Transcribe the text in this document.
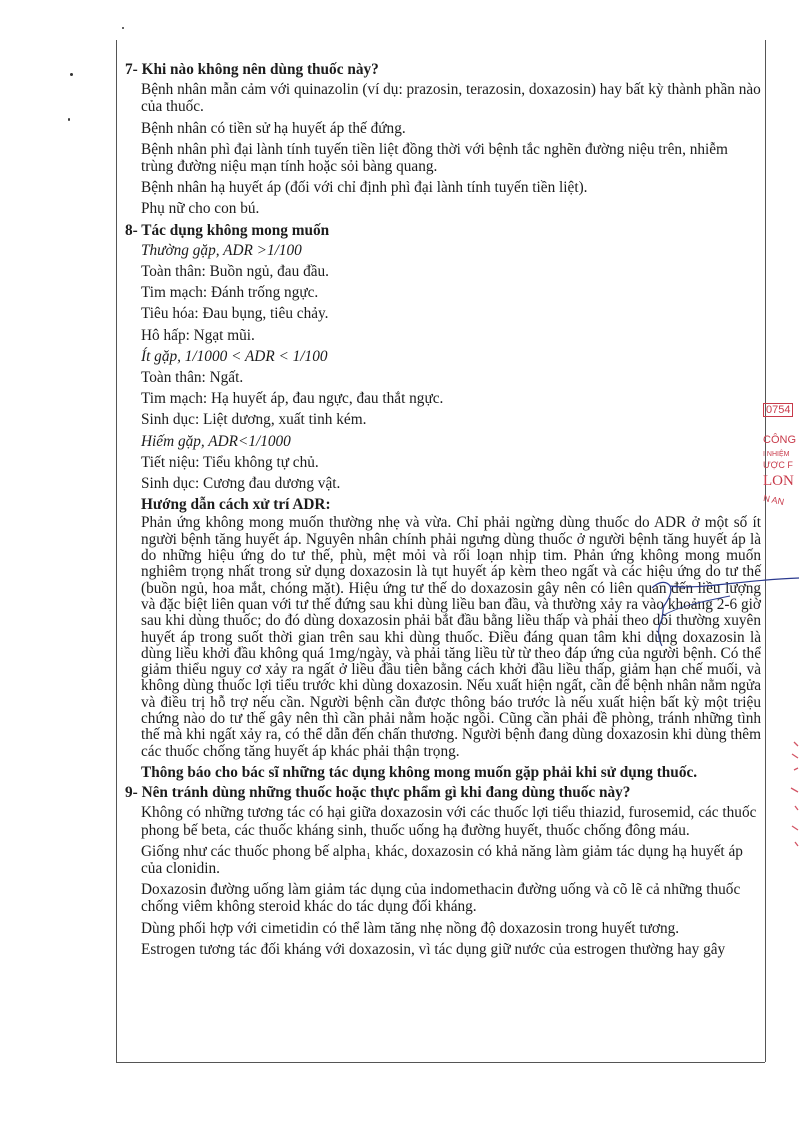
7- Khi nào không nên dùng thuốc này?
Bệnh nhân mẫn cảm với quinazolin (ví dụ: prazosin, terazosin, doxazosin) hay bất kỳ thành phần nào của thuốc.
Bệnh nhân có tiền sử hạ huyết áp thế đứng.
Bệnh nhân phì đại lành tính tuyến tiền liệt đồng thời với bệnh tắc nghẽn đường niệu trên, nhiễm trùng đường niệu mạn tính hoặc sỏi bàng quang.
Bệnh nhân hạ huyết áp (đối với chỉ định phì đại lành tính tuyến tiền liệt).
Phụ nữ cho con bú.
8- Tác dụng không mong muốn
Thường gặp, ADR >1/100
Toàn thân: Buồn ngủ, đau đầu.
Tim mạch: Đánh trống ngực.
Tiêu hóa: Đau bụng, tiêu chảy.
Hô hấp: Ngạt mũi.
Ít gặp, 1/1000 < ADR < 1/100
Toàn thân: Ngất.
Tim mạch: Hạ huyết áp, đau ngực, đau thắt ngực.
Sinh dục: Liệt dương, xuất tinh kém.
Hiếm gặp, ADR<1/1000
Tiết niệu: Tiểu không tự chủ.
Sinh dục: Cương đau dương vật.
Hướng dẫn cách xử trí ADR:
Phản ứng không mong muốn thường nhẹ và vừa. Chỉ phải ngừng dùng thuốc do ADR ở một số ít người bệnh tăng huyết áp. Nguyên nhân chính phải ngưng dùng thuốc ở người bệnh tăng huyết áp là do những hiệu ứng do tư thế, phù, mệt mỏi và rối loạn nhịp tim. Phản ứng không mong muốn nghiêm trọng nhất trong sử dụng doxazosin là tụt huyết áp kèm theo ngất và các hiệu ứng do tư thế (buồn ngủ, hoa mắt, chóng mặt). Hiệu ứng tư thế do doxazosin gây nên có liên quan đến liều lượng và đặc biệt liên quan với tư thế đứng sau khi dùng liều ban đầu, và thường xảy ra vào khoảng 2-6 giờ sau khi dùng thuốc; do đó dùng doxazosin phải bắt đầu bằng liều thấp và phải theo dõi thường xuyên huyết áp trong suốt thời gian trên sau khi dùng thuốc. Điều đáng quan tâm khi dùng doxazosin là dùng liều khởi đầu không quá 1mg/ngày, và phải tăng liều từ từ theo đáp ứng của người bệnh. Có thể giảm thiểu nguy cơ xảy ra ngất ở liều đầu tiên bằng cách khởi đầu liều thấp, giảm hạn chế muối, và không dùng thuốc lợi tiểu trước khi dùng doxazosin. Nếu xuất hiện ngất, cần để bệnh nhân nằm ngửa và điều trị hỗ trợ nếu cần. Người bệnh cần được thông báo trước là nếu xuất hiện bất kỳ một triệu chứng nào do tư thế gây nên thì cần phải nằm hoặc ngồi. Cũng cần phải đề phòng, tránh những tình thế mà khi ngất xảy ra, có thể dẫn đến chấn thương. Người bệnh đang dùng doxazosin khi dùng thêm các thuốc chống tăng huyết áp khác phải thận trọng.
Thông báo cho bác sĩ những tác dụng không mong muốn gặp phải khi sử dụng thuốc.
9- Nên tránh dùng những thuốc hoặc thực phẩm gì khi đang dùng thuốc này?
Không có những tương tác có hại giữa doxazosin với các thuốc lợi tiểu thiazid, furosemid, các thuốc phong bế beta, các thuốc kháng sinh, thuốc uống hạ đường huyết, thuốc chống đông máu.
Giống như các thuốc phong bế alpha₁ khác, doxazosin có khả năng làm giảm tác dụng hạ huyết áp của clonidin.
Doxazosin đường uống làm giảm tác dụng của indomethacin đường uống và cõ lẽ cả những thuốc chống viêm không steroid khác do tác dụng đối kháng.
Dùng phối hợp với cimetidin có thể làm tăng nhẹ nồng độ doxazosin trong huyết tương.
Estrogen tương tác đối kháng với doxazosin, vì tác dụng giữ nước của estrogen thường hay gây
0754
CÔNG
I NHIỆM
ƯỢC F
LON
N AN
